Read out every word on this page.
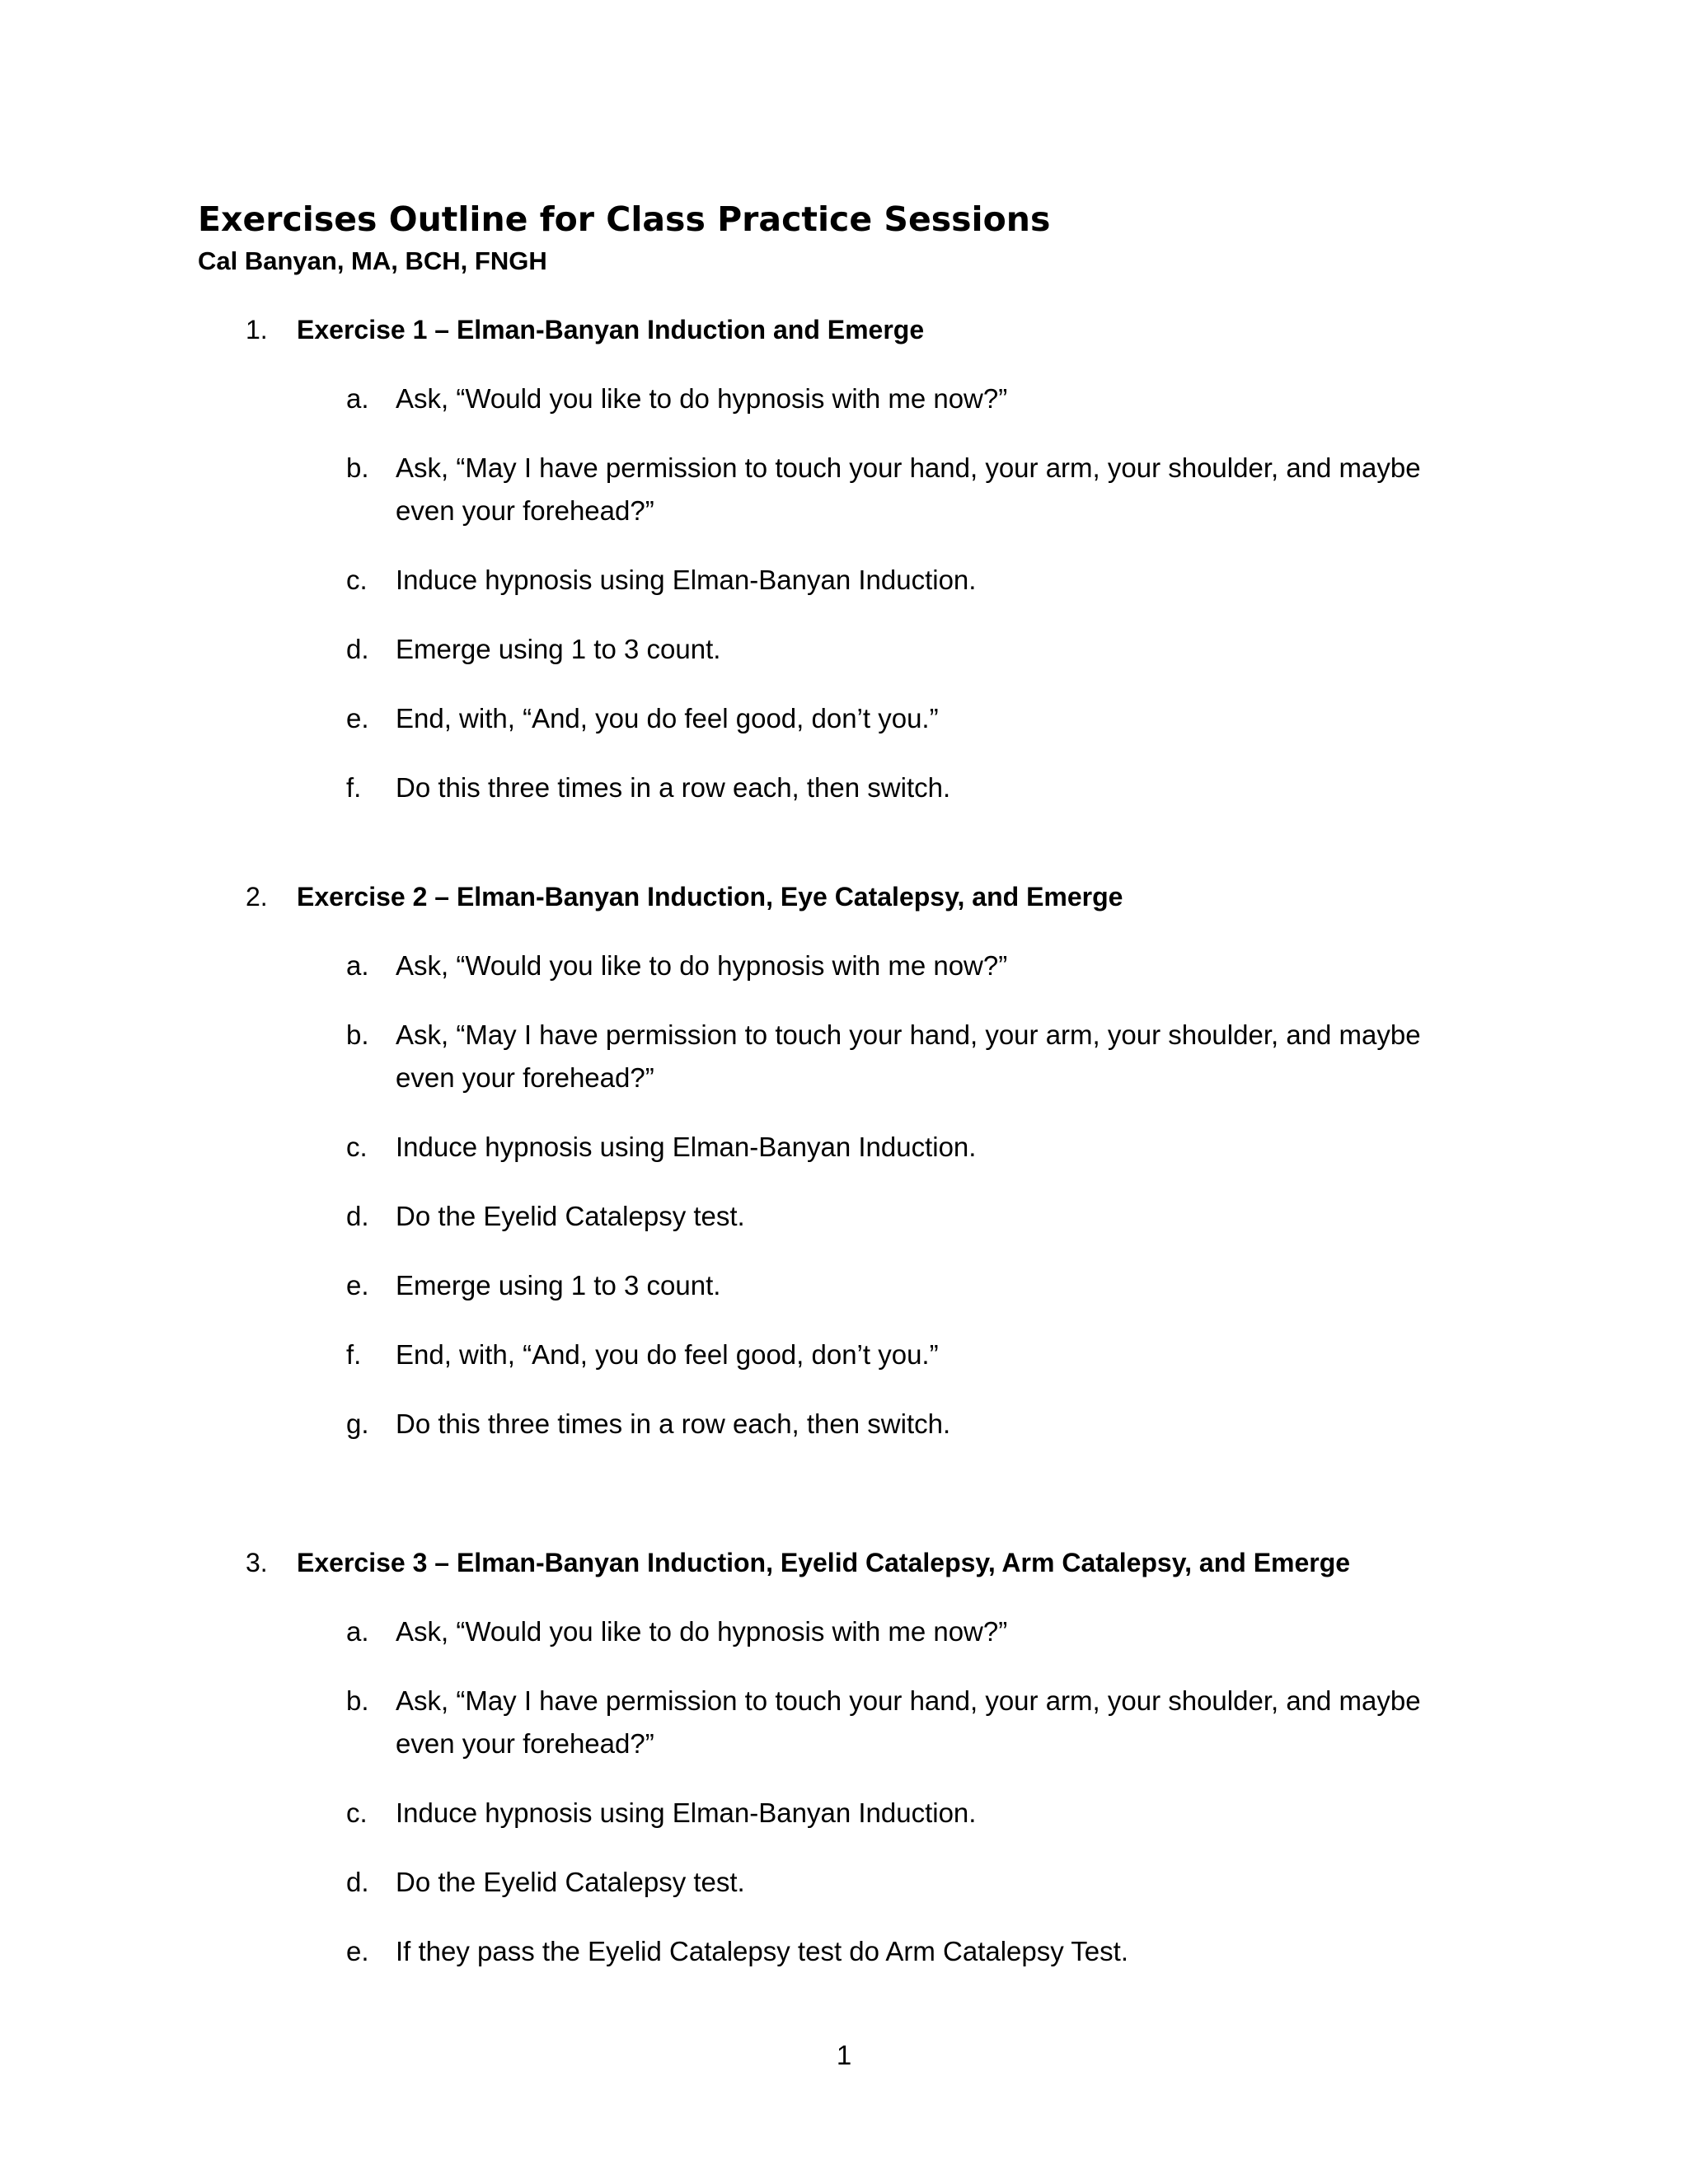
Exercises Outline for Class Practice Sessions
Cal Banyan, MA, BCH, FNGH
1. Exercise 1 – Elman-Banyan Induction and Emerge
a. Ask, “Would you like to do hypnosis with me now?”
b. Ask, “May I have permission to touch your hand, your arm, your shoulder, and maybe even your forehead?”
c. Induce hypnosis using Elman-Banyan Induction.
d. Emerge using 1 to 3 count.
e. End, with, “And, you do feel good, don’t you.”
f. Do this three times in a row each, then switch.
2. Exercise 2 – Elman-Banyan Induction, Eye Catalepsy, and Emerge
a. Ask, “Would you like to do hypnosis with me now?”
b. Ask, “May I have permission to touch your hand, your arm, your shoulder, and maybe even your forehead?”
c. Induce hypnosis using Elman-Banyan Induction.
d. Do the Eyelid Catalepsy test.
e. Emerge using 1 to 3 count.
f. End, with, “And, you do feel good, don’t you.”
g. Do this three times in a row each, then switch.
3. Exercise 3 – Elman-Banyan Induction, Eyelid Catalepsy, Arm Catalepsy, and Emerge
a. Ask, “Would you like to do hypnosis with me now?”
b. Ask, “May I have permission to touch your hand, your arm, your shoulder, and maybe even your forehead?”
c. Induce hypnosis using Elman-Banyan Induction.
d. Do the Eyelid Catalepsy test.
e. If they pass the Eyelid Catalepsy test do Arm Catalepsy Test.
1
